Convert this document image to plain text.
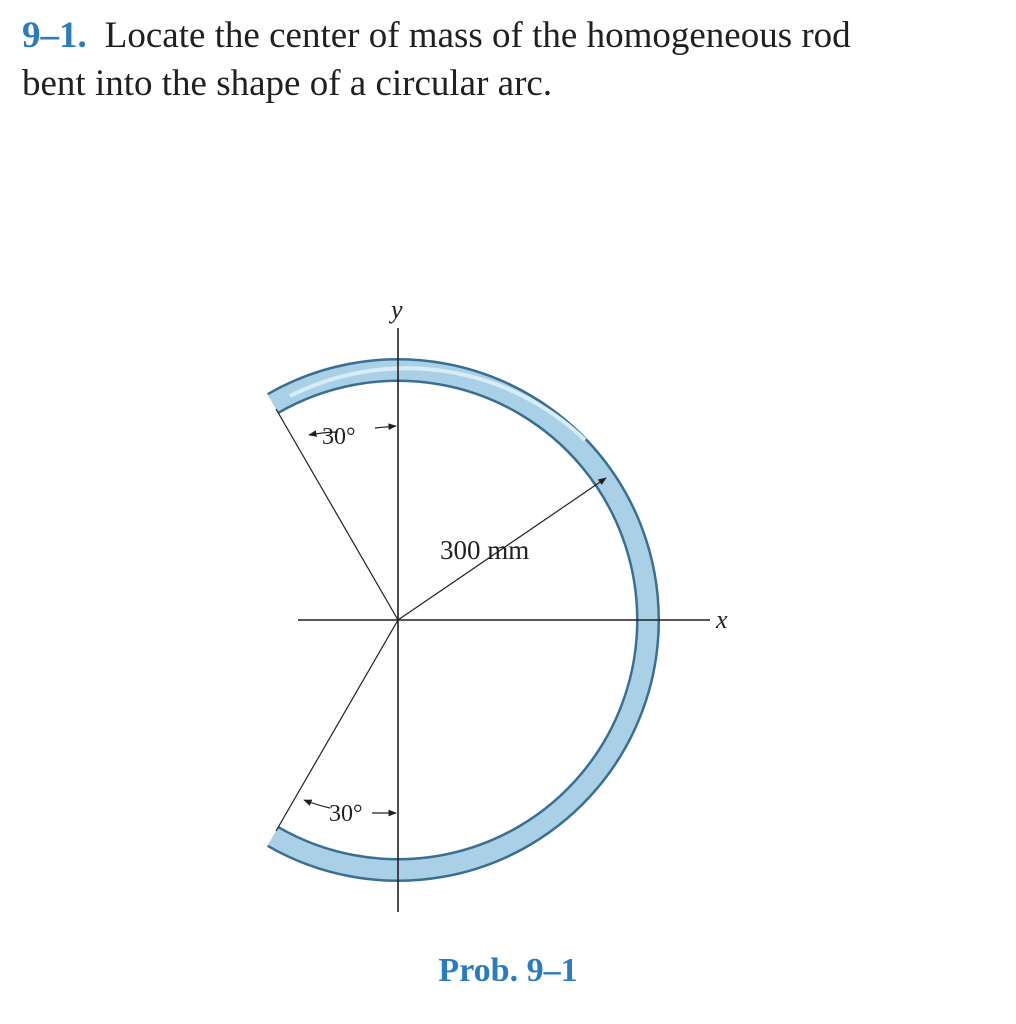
9–1. Locate the center of mass of the homogeneous rod
bent into the shape of a circular arc.
y
x
300 mm
30°
30°
Prob. 9–1
